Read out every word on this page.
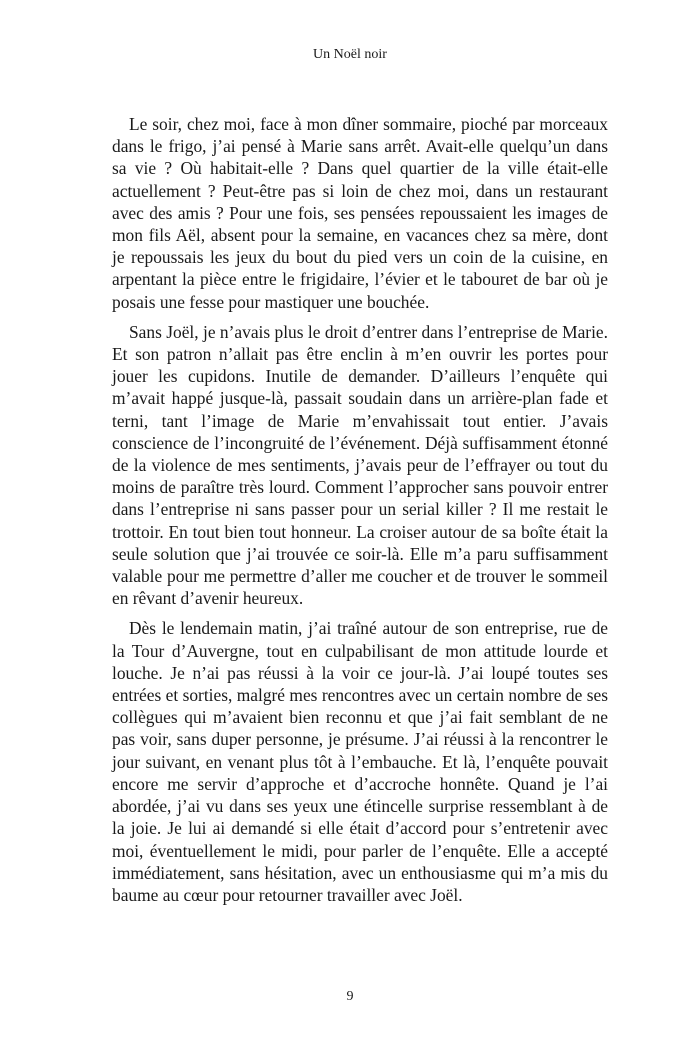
Un Noël noir

Le soir, chez moi, face à mon dîner sommaire, pioché par morceaux dans le frigo, j’ai pensé à Marie sans arrêt. Avait-elle quelqu’un dans sa vie ? Où habitait-elle ? Dans quel quartier de la ville était-elle actuellement ? Peut-être pas si loin de chez moi, dans un restaurant avec des amis ? Pour une fois, ses pensées repoussaient les images de mon fils Aël, absent pour la semaine, en vacances chez sa mère, dont je repoussais les jeux du bout du pied vers un coin de la cuisine, en arpentant la pièce entre le frigidaire, l’évier et le tabouret de bar où je posais une fesse pour mastiquer une bouchée.

Sans Joël, je n’avais plus le droit d’entrer dans l’entreprise de Marie. Et son patron n’allait pas être enclin à m’en ouvrir les portes pour jouer les cupidons. Inutile de demander. D’ailleurs l’enquête qui m’avait happé jusque-là, passait soudain dans un arrière-plan fade et terni, tant l’image de Marie m’envahissait tout entier. J’avais conscience de l’incongruité de l’événement. Déjà suffisamment étonné de la violence de mes sentiments, j’avais peur de l’effrayer ou tout du moins de paraître très lourd. Comment l’approcher sans pouvoir entrer dans l’entreprise ni sans passer pour un serial killer ? Il me restait le trottoir. En tout bien tout honneur. La croiser autour de sa boîte était la seule solution que j’ai trouvée ce soir-là. Elle m’a paru suffisamment valable pour me permettre d’aller me coucher et de trouver le sommeil en rêvant d’avenir heureux.

Dès le lendemain matin, j’ai traîné autour de son entreprise, rue de la Tour d’Auvergne, tout en culpabilisant de mon attitude lourde et louche. Je n’ai pas réussi à la voir ce jour-là. J’ai loupé toutes ses entrées et sorties, malgré mes rencontres avec un certain nombre de ses collègues qui m’avaient bien reconnu et que j’ai fait semblant de ne pas voir, sans duper personne, je présume. J’ai réussi à la rencontrer le jour suivant, en venant plus tôt à l’embauche. Et là, l’enquête pouvait encore me servir d’approche et d’accroche honnête. Quand je l’ai abordée, j’ai vu dans ses yeux une étincelle surprise ressemblant à de la joie. Je lui ai demandé si elle était d’accord pour s’entretenir avec moi, éventuellement le midi, pour parler de l’enquête. Elle a accepté immédiatement, sans hésitation, avec un enthousiasme qui m’a mis du baume au cœur pour retourner travailler avec Joël.

9
